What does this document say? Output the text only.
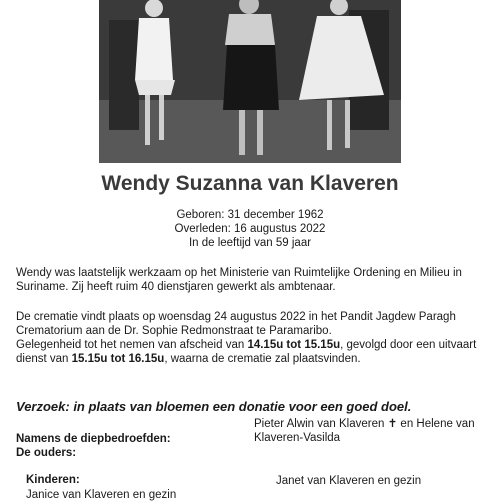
Wendy Suzanna van Klaveren
Geboren: 31 december 1962
Overleden: 16 augustus 2022
In de leeftijd van 59 jaar
Wendy was laatstelijk werkzaam op het Ministerie van Ruimtelijke Ordening en Milieu in
Suriname. Zij heeft ruim 40 dienstjaren gewerkt als ambtenaar.
De crematie vindt plaats op woensdag 24 augustus 2022 in het Pandit Jagdew Paragh
Crematorium aan de Dr. Sophie Redmonstraat te Paramaribo.
Gelegenheid tot het nemen van afscheid van 14.15u tot 15.15u, gevolgd door een uitvaart
dienst van 15.15u tot 16.15u, waarna de crematie zal plaatsvinden.
Verzoek: in plaats van bloemen een donatie voor een goed doel.
Pieter Alwin van Klaveren ✝ en Helene van
Klaveren-Vasilda
Namens de diepbedroefden:
De ouders:
Kinderen:	Janet van Klaveren en gezin
Janice van Klaveren en gezin
